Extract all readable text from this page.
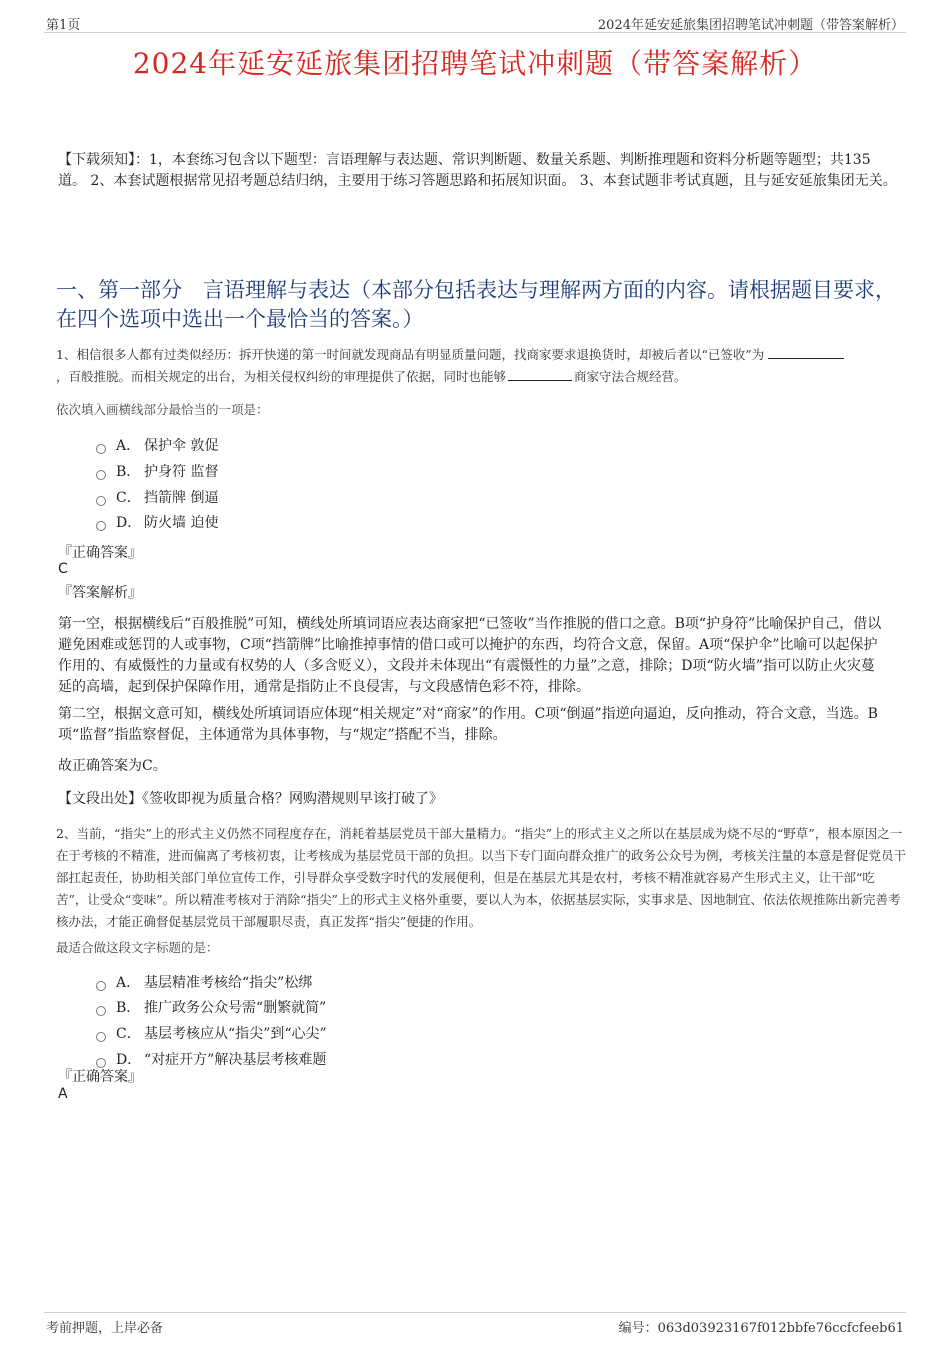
第1页	2024年延安延旅集团招聘笔试冲刺题（带答案解析）
2024年延安延旅集团招聘笔试冲刺题（带答案解析）
【下载须知】：1，本套练习包含以下题型：言语理解与表达题、常识判断题、数量关系题、判断推理题和资料分析题等题型；共135道。 2、本套试题根据常见招考题总结归纳，主要用于练习答题思路和拓展知识面。 3、本套试题非考试真题，且与延安延旅集团无关。
一、第一部分　言语理解与表达（本部分包括表达与理解两方面的内容。请根据题目要求，在四个选项中选出一个最恰当的答案。）
1、相信很多人都有过类似经历：拆开快递的第一时间就发现商品有明显质量问题，找商家要求退换货时，却被后者以“已签收”为
，百般推脱。而相关规定的出台，为相关侵权纠纷的审理提供了依据，同时也能够	商家守法合规经营。
依次填入画横线部分最恰当的一项是：
A． 保护伞 敦促
B． 护身符 监督
C． 挡箭牌 倒逼
D． 防火墙 迫使
『正确答案』
C
『答案解析』
第一空，根据横线后“百般推脱”可知，横线处所填词语应表达商家把“已签收”当作推脱的借口之意。B项“护身符”比喻保护自己，借以避免困难或惩罚的人或事物，C项“挡箭牌”比喻推掉事情的借口或可以掩护的东西，均符合文意，保留。A项“保护伞”比喻可以起保护作用的、有威慑性的力量或有权势的人（多含贬义），文段并未体现出“有震慑性的力量”之意，排除；D项“防火墙”指可以防止火灾蔓延的高墙，起到保护保障作用，通常是指防止不良侵害，与文段感情色彩不符，排除。
第二空，根据文意可知，横线处所填词语应体现“相关规定”对“商家”的作用。C项“倒逼”指逆向逼迫，反向推动，符合文意，当选。B项“监督”指监察督促，主体通常为具体事物，与“规定”搭配不当，排除。
故正确答案为C。
【文段出处】《签收即视为质量合格？网购潜规则早该打破了》
2、当前，“指尖”上的形式主义仍然不同程度存在，消耗着基层党员干部大量精力。“指尖”上的形式主义之所以在基层成为烧不尽的“野草”，根本原因之一在于考核的不精准，进而偏离了考核初衷，让考核成为基层党员干部的负担。以当下专门面向群众推广的政务公众号为例，考核关注量的本意是督促党员干部扛起责任，协助相关部门单位宣传工作，引导群众享受数字时代的发展便利，但是在基层尤其是农村，考核不精准就容易产生形式主义，让干部“吃苦”，让受众“变味”。所以精准考核对于消除“指尖”上的形式主义格外重要，要以人为本，依据基层实际，实事求是、因地制宜、依法依规推陈出新完善考核办法，才能正确督促基层党员干部履职尽责，真正发挥“指尖”便捷的作用。
最适合做这段文字标题的是：
A． 基层精准考核给“指尖”松绑
B． 推广政务公众号需“删繁就简”
C． 基层考核应从“指尖”到“心尖”
D． “对症开方”解决基层考核难题
『正确答案』
A
考前押题，上岸必备	编号：063d03923167f012bbfe76ccfcfeeb61
